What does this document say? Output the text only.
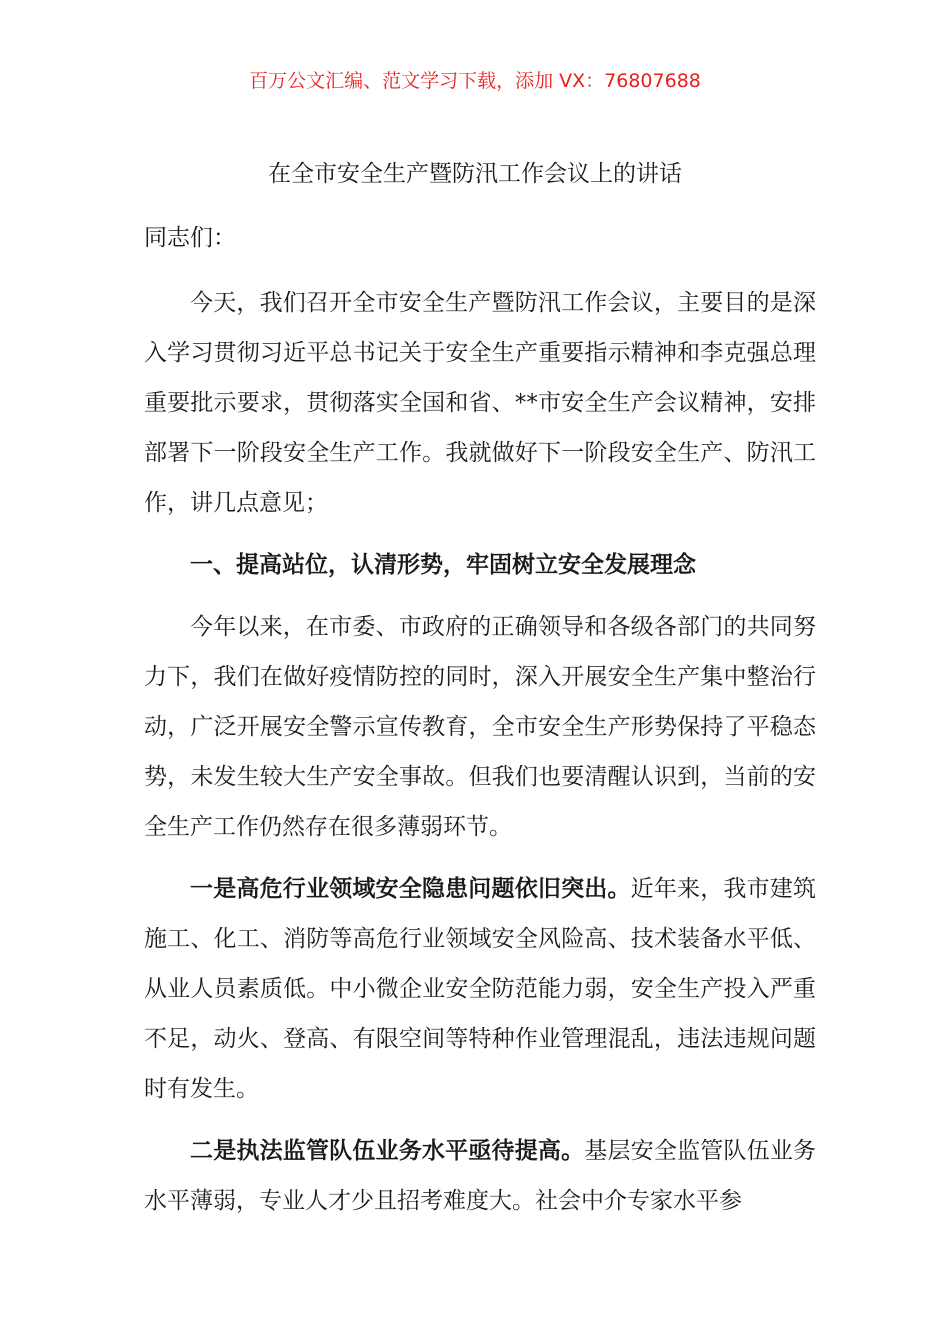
百万公文汇编、范文学习下载，添加 VX：76807688
在全市安全生产暨防汛工作会议上的讲话
同志们：

今天，我们召开全市安全生产暨防汛工作会议，主要目的是深入学习贯彻习近平总书记关于安全生产重要指示精神和李克强总理重要批示要求，贯彻落实全国和省、**市安全生产会议精神，安排部署下一阶段安全生产工作。我就做好下一阶段安全生产、防汛工作，讲几点意见；

一、提高站位，认清形势，牢固树立安全发展理念

今年以来，在市委、市政府的正确领导和各级各部门的共同努力下，我们在做好疫情防控的同时，深入开展安全生产集中整治行动，广泛开展安全警示宣传教育，全市安全生产形势保持了平稳态势，未发生较大生产安全事故。但我们也要清醒认识到，当前的安全生产工作仍然存在很多薄弱环节。

一是高危行业领域安全隐患问题依旧突出。近年来，我市建筑施工、化工、消防等高危行业领域安全风险高、技术装备水平低、从业人员素质低。中小微企业安全防范能力弱，安全生产投入严重不足，动火、登高、有限空间等特种作业管理混乱，违法违规问题时有发生。

二是执法监管队伍业务水平亟待提高。基层安全监管队伍业务水平薄弱，专业人才少且招考难度大。社会中介专家水平参
